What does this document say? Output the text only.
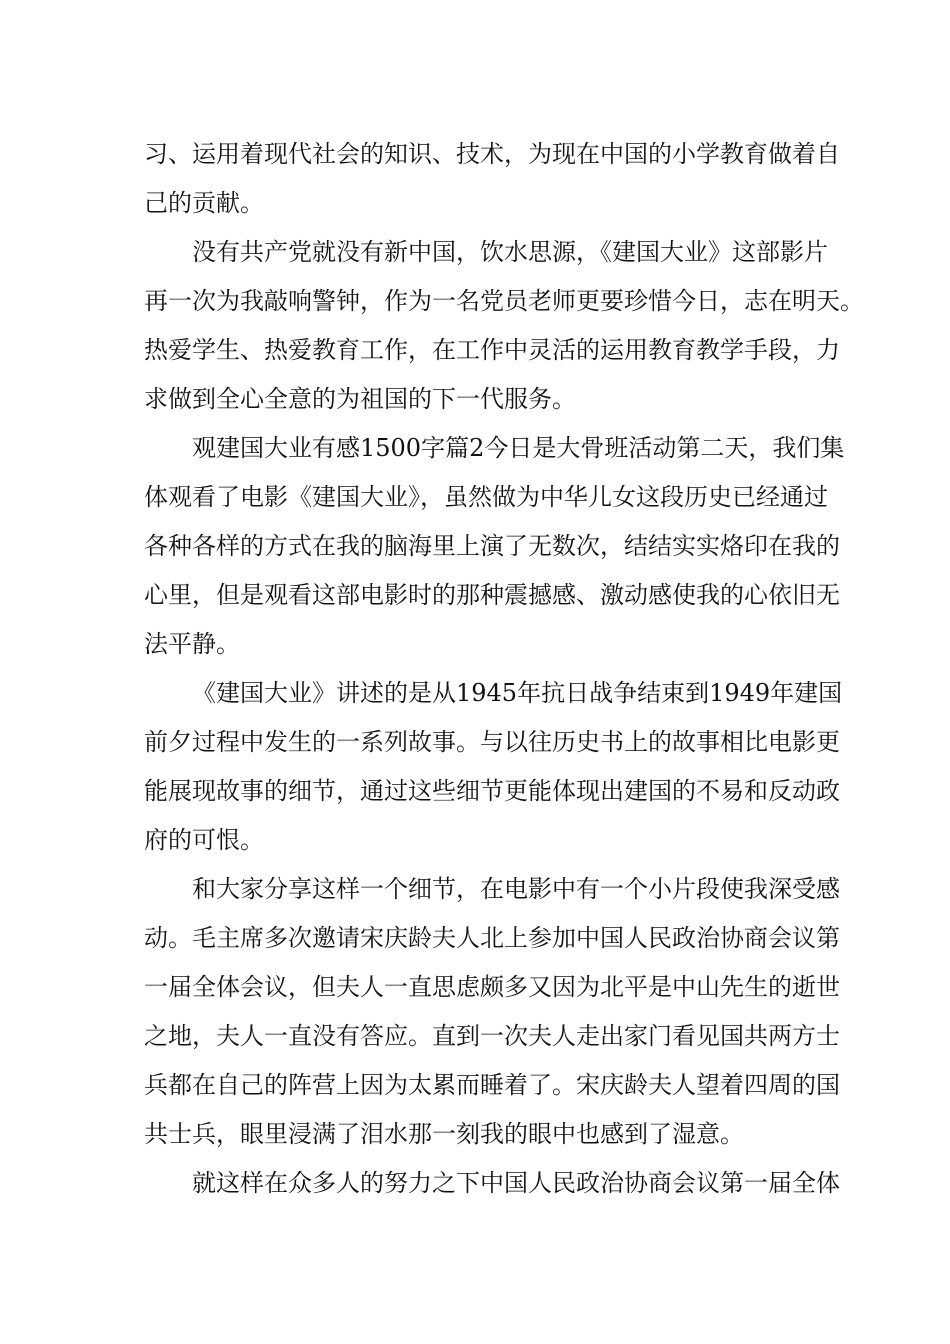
习、运用着现代社会的知识、技术，为现在中国的小学教育做着自
己的贡献。
没有共产党就没有新中国，饮水思源，《建国大业》这部影片
再一次为我敲响警钟，作为一名党员老师更要珍惜今日，志在明天。
热爱学生、热爱教育工作，在工作中灵活的运用教育教学手段，力
求做到全心全意的为祖国的下一代服务。
观建国大业有感1500字篇2今日是大骨班活动第二天，我们集
体观看了电影《建国大业》，虽然做为中华儿女这段历史已经通过
各种各样的方式在我的脑海里上演了无数次，结结实实烙印在我的
心里，但是观看这部电影时的那种震撼感、激动感使我的心依旧无
法平静。
《建国大业》讲述的是从1945年抗日战争结束到1949年建国
前夕过程中发生的一系列故事。与以往历史书上的故事相比电影更
能展现故事的细节，通过这些细节更能体现出建国的不易和反动政
府的可恨。
和大家分享这样一个细节，在电影中有一个小片段使我深受感
动。毛主席多次邀请宋庆龄夫人北上参加中国人民政治协商会议第
一届全体会议，但夫人一直思虑颇多又因为北平是中山先生的逝世
之地，夫人一直没有答应。直到一次夫人走出家门看见国共两方士
兵都在自己的阵营上因为太累而睡着了。宋庆龄夫人望着四周的国
共士兵，眼里浸满了泪水那一刻我的眼中也感到了湿意。
就这样在众多人的努力之下中国人民政治协商会议第一届全体
